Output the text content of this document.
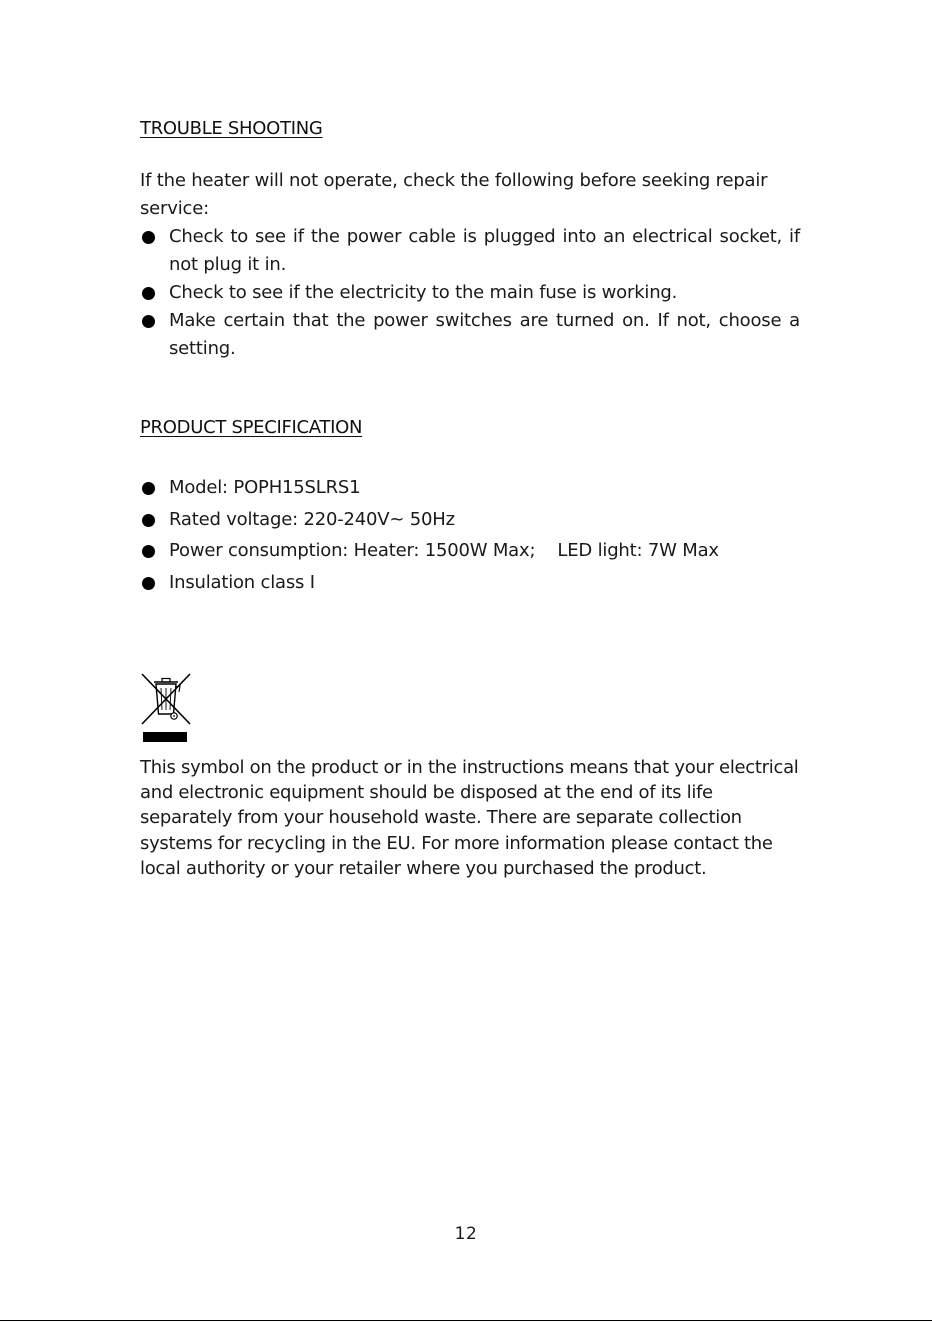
TROUBLE SHOOTING

If the heater will not operate, check the following before seeking repair service:

Check to see if the power cable is plugged into an electrical socket, if not plug it in.
Check to see if the electricity to the main fuse is working.
Make certain that the power switches are turned on. If not, choose a setting.
PRODUCT SPECIFICATION
Model: POPH15SLRS1
Rated voltage: 220-240V~ 50Hz
Power consumption: Heater: 1500W Max;    LED light: 7W Max
Insulation class I

This symbol on the product or in the instructions means that your electrical and electronic equipment should be disposed at the end of its life separately from your household waste. There are separate collection systems for recycling in the EU. For more information please contact the local authority or your retailer where you purchased the product.

12
